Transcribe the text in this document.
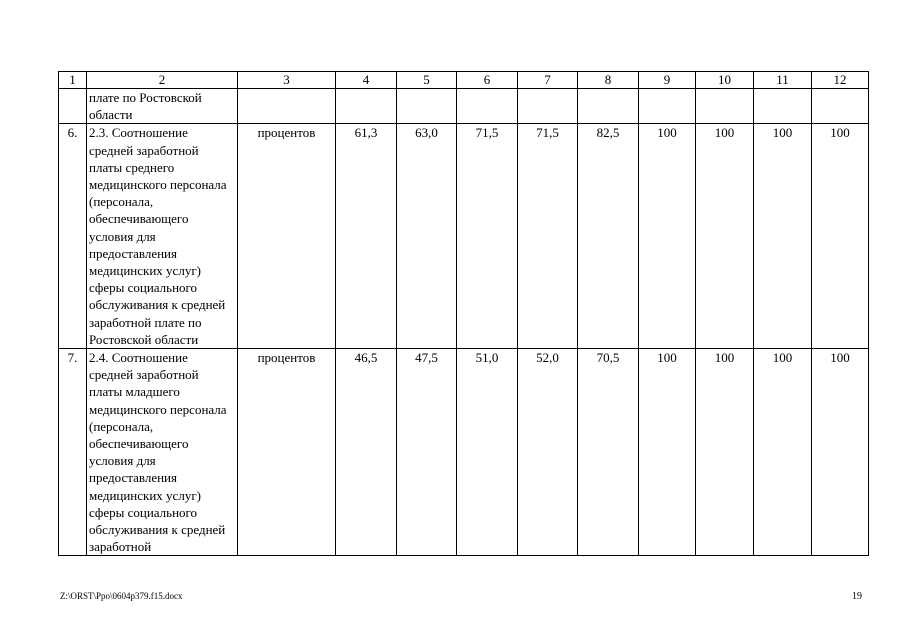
1	2	3	4	5	6	7	8	9	10	11	12
	плате по Ростовской области										
6.	2.3. Соотношение средней заработной платы среднего медицинского персонала (персонала, обеспечивающего условия для предоставления медицинских услуг) сферы социального обслуживания к средней заработной плате по Ростовской области	процентов	61,3	63,0	71,5	71,5	82,5	100	100	100	100
7.	2.4. Соотношение средней заработной платы младшего медицинского персонала (персонала, обеспечивающего условия для предоставления медицинских услуг) сферы социального обслуживания к средней заработной	процентов	46,5	47,5	51,0	52,0	70,5	100	100	100	100
Z:\ORST\Ppo\0604p379.f15.docx	19
